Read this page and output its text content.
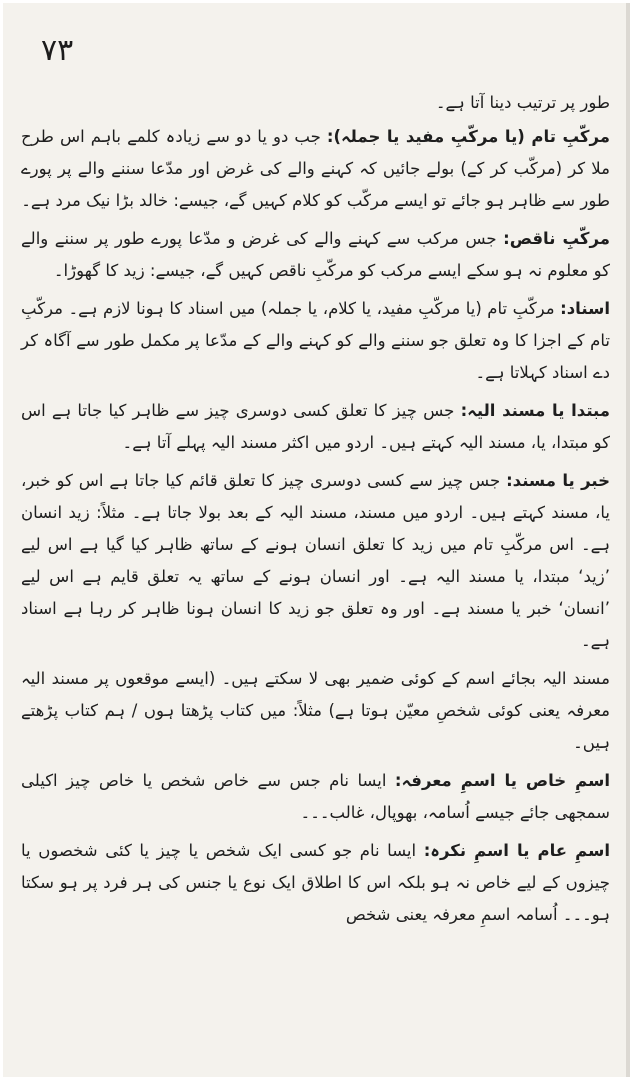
۷۳

طور پر ترتیب دینا آتا ہے۔

مرکّبِ تام (یا مرکّبِ مفید یا جملہ): جب دو یا دو سے زیادہ کلمے باہم اس طرح ملا کر (مرکّب کر کے) بولے جائیں کہ کہنے والے کی غرض اور مدّعا سننے والے پر پورے طور سے ظاہر ہو جائے تو ایسے مرکّب کو کلام کہیں گے، جیسے: خالد بڑا نیک مرد ہے۔

مرکّبِ ناقص: جس مرکب سے کہنے والے کی غرض و مدّعا پورے طور پر سننے والے کو معلوم نہ ہو سکے ایسے مرکب کو مرکّبِ ناقص کہیں گے، جیسے: زید کا گھوڑا۔

اسناد: مرکّبِ تام (یا مرکّبِ مفید، یا کلام، یا جملہ) میں اسناد کا ہونا لازم ہے۔ مرکّبِ تام کے اجزا کا وہ تعلق جو سننے والے کو کہنے والے کے مدّعا پر مکمل طور سے آگاہ کر دے اسناد کہلاتا ہے۔

مبتدا یا مسند الیہ: جس چیز کا تعلق کسی دوسری چیز سے ظاہر کیا جاتا ہے اس کو مبتدا، یا، مسند الیہ کہتے ہیں۔ اردو میں اکثر مسند الیہ پہلے آتا ہے۔

خبر یا مسند: جس چیز سے کسی دوسری چیز کا تعلق قائم کیا جاتا ہے اس کو خبر، یا، مسند کہتے ہیں۔ اردو میں مسند، مسند الیہ کے بعد بولا جاتا ہے۔ مثلاً: زید انسان ہے۔ اس مرکّبِ تام میں زید کا تعلق انسان ہونے کے ساتھ ظاہر کیا گیا ہے اس لیے ’زید‘ مبتدا، یا مسند الیہ ہے۔ اور انسان ہونے کے ساتھ یہ تعلق قایم ہے اس لیے ’انسان‘ خبر یا مسند ہے۔ اور وہ تعلق جو زید کا انسان ہونا ظاہر کر رہا ہے اسناد ہے۔

مسند الیہ بجائے اسم کے کوئی ضمیر بھی لا سکتے ہیں۔ (ایسے موقعوں پر مسند الیہ معرفہ یعنی کوئی شخصِ معیّن ہوتا ہے) مثلاً: میں کتاب پڑھتا ہوں / ہم کتاب پڑھتے ہیں۔

اسمِ خاص یا اسمِ معرفہ: ایسا نام جس سے خاص شخص یا خاص چیز اکیلی سمجھی جائے جیسے اُسامہ، بھوپال، غالب۔۔۔

اسمِ عام یا اسمِ نکرہ: ایسا نام جو کسی ایک شخص یا چیز یا کئی شخصوں یا چیزوں کے لیے خاص نہ ہو بلکہ اس کا اطلاق ایک نوع یا جنس کی ہر فرد پر ہو سکتا ہو۔۔۔ اُسامہ اسمِ معرفہ یعنی شخص
